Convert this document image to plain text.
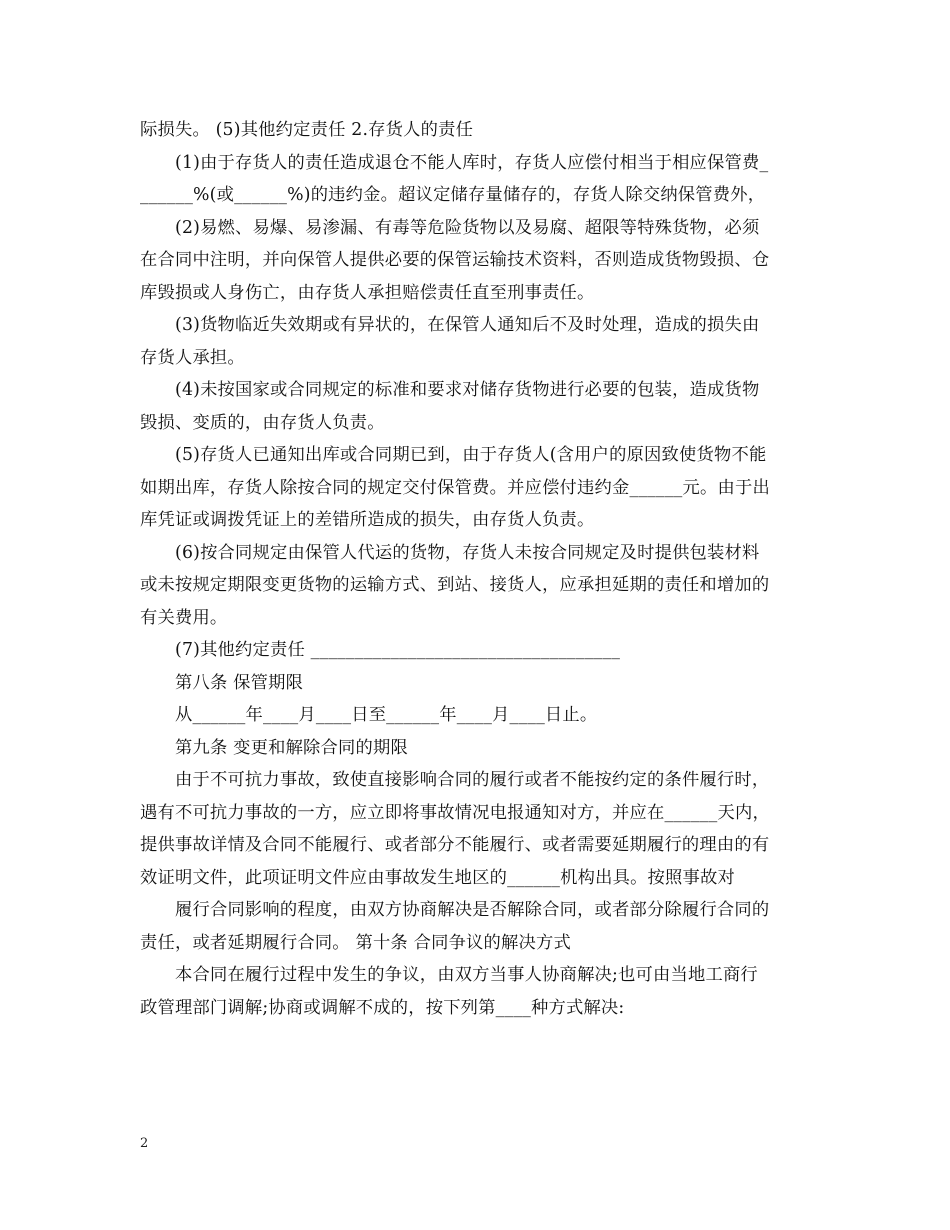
际损失。 (5)其他约定责任 2.存货人的责任
(1)由于存货人的责任造成退仓不能人库时，存货人应偿付相当于相应保管费_
______%(或______%)的违约金。超议定储存量储存的，存货人除交纳保管费外，
(2)易燃、易爆、易渗漏、有毒等危险货物以及易腐、超限等特殊货物，必须
在合同中注明，并向保管人提供必要的保管运输技术资料，否则造成货物毁损、仓
库毁损或人身伤亡，由存货人承担赔偿责任直至刑事责任。
(3)货物临近失效期或有异状的，在保管人通知后不及时处理，造成的损失由
存货人承担。
(4)未按国家或合同规定的标准和要求对储存货物进行必要的包装，造成货物
毁损、变质的，由存货人负责。
(5)存货人已通知出库或合同期已到，由于存货人(含用户的原因致使货物不能
如期出库，存货人除按合同的规定交付保管费。并应偿付违约金______元。由于出
库凭证或调拨凭证上的差错所造成的损失，由存货人负责。
(6)按合同规定由保管人代运的货物，存货人未按合同规定及时提供包装材料
或未按规定期限变更货物的运输方式、到站、接货人，应承担延期的责任和增加的
有关费用。
(7)其他约定责任 ___________________________________
第八条 保管期限
从______年____月____日至______年____月____日止。
第九条 变更和解除合同的期限
由于不可抗力事故，致使直接影响合同的履行或者不能按约定的条件履行时，
遇有不可抗力事故的一方，应立即将事故情况电报通知对方，并应在______天内，
提供事故详情及合同不能履行、或者部分不能履行、或者需要延期履行的理由的有
效证明文件，此项证明文件应由事故发生地区的______机构出具。按照事故对
履行合同影响的程度，由双方协商解决是否解除合同，或者部分除履行合同的
责任，或者延期履行合同。 第十条 合同争议的解决方式
本合同在履行过程中发生的争议，由双方当事人协商解决;也可由当地工商行
政管理部门调解;协商或调解不成的，按下列第____种方式解决:
2
